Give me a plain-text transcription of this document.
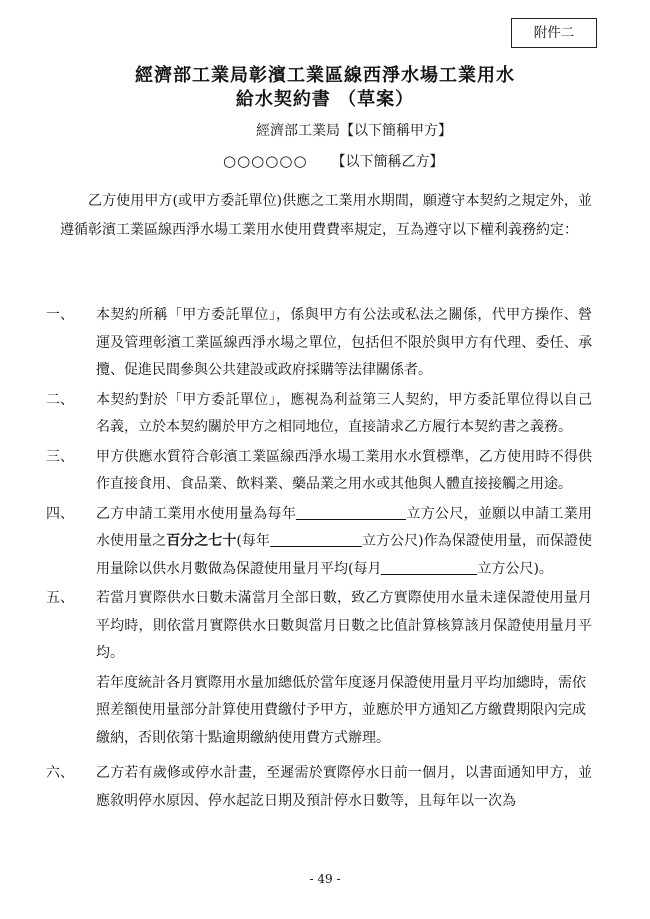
附件二
經濟部工業局彰濱工業區線西淨水場工業用水
給水契約書 （草案）
經濟部工業局【以下簡稱甲方】
○○○○○○ 【以下簡稱乙方】
乙方使用甲方(或甲方委託單位)供應之工業用水期間，願遵守本契約之規定外，並遵循彰濱工業區線西淨水場工業用水使用費費率規定，互為遵守以下權利義務約定：
一、	本契約所稱「甲方委託單位」，係與甲方有公法或私法之關係，代甲方操作、營運及管理彰濱工業區線西淨水場之單位，包括但不限於與甲方有代理、委任、承攬、促進民間參與公共建設或政府採購等法律關係者。
二、	本契約對於「甲方委託單位」，應視為利益第三人契約，甲方委託單位得以自己名義，立於本契約關於甲方之相同地位，直接請求乙方履行本契約書之義務。
三、	甲方供應水質符合彰濱工業區線西淨水場工業用水水質標準，乙方使用時不得供作直接食用、食品業、飲料業、藥品業之用水或其他與人體直接接觸之用途。
四、	乙方申請工業用水使用量為每年	立方公尺，並願以申請工業用水使用量之百分之七十(每年	立方公尺)作為保證使用量，而保證使用量除以供水月數做為保證使用量月平均(每月	立方公尺)。
五、	若當月實際供水日數未滿當月全部日數，致乙方實際使用水量未達保證使用量月平均時，則依當月實際供水日數與當月日數之比值計算核算該月保證使用量月平均。
若年度統計各月實際用水量加總低於當年度逐月保證使用量月平均加總時，需依照差額使用量部分計算使用費繳付予甲方，並應於甲方通知乙方繳費期限內完成繳納，否則依第十點逾期繳納使用費方式辦理。
六、	乙方若有歲修或停水計畫，至遲需於實際停水日前一個月，以書面通知甲方，並應敘明停水原因、停水起訖日期及預計停水日數等，且每年以一次為
- 49 -
